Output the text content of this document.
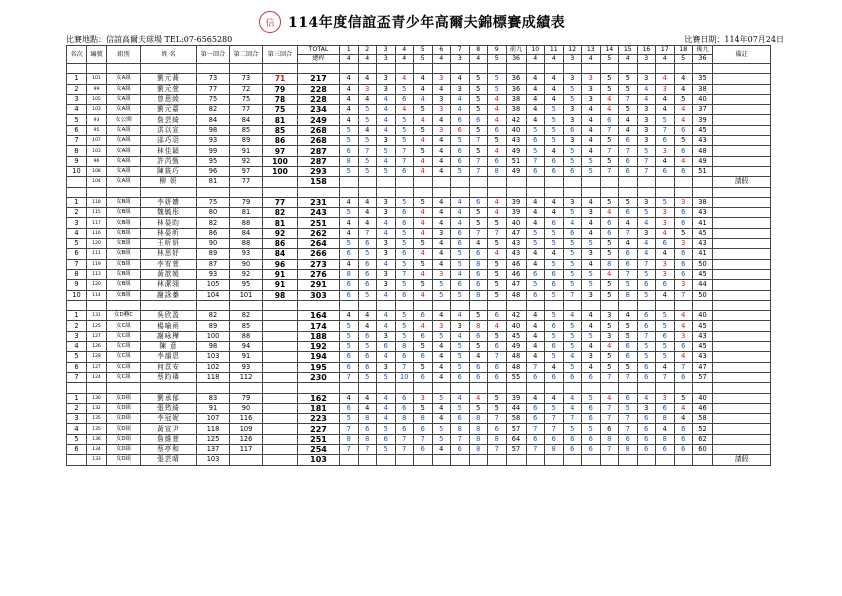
信 114年度信誼盃青少年高爾夫錦標賽成績表
比賽地點：信誼高爾夫球場 TEL:07-6565280	比賽日期：114年07月24日
名次	編號	組別	姓 名	第一回合	第二回合	第三回合	TOTAL	1	2	3	4	5	6	7	8	9	前九	10	11	12	13	14	15	16	17	18	後九	備註
							總桿	4	4	3	4	5	4	3	4	5	36	4	4	3	4	5	4	3	4	5	36	

1	101	女A組	劉元蕎	73	73	71	217	4	4	3	4	4	3	4	5	5	36	4	4	3	3	5	5	3	4	4	35	
2	99	女A組	劉元萱	77	72	79	228	4	3	3	5	4	4	3	5	5	36	4	4	5	3	5	5	4	3	4	38	
3	105	女A組	曾思綾	75	75	78	228	4	4	4	6	4	3	4	5	4	38	4	4	5	3	4	7	4	4	5	40	
4	103	女A組	劉元薹	82	77	75	234	4	5	4	4	5	3	4	5	4	38	4	5	3	4	4	5	3	4	4	37	
5	93	女公開	詹芸綺	84	84	81	249	4	5	4	5	4	4	6	6	4	42	4	5	3	4	6	4	3	5	4	39	
6	95	女A組	洪以宣	98	85	85	268	5	4	4	5	5	3	6	5	6	40	5	5	6	4	7	4	3	7	6	45	
7	107	女A組	邵巧羽	93	89	86	268	5	5	3	5	4	4	5	7	5	43	6	5	3	4	5	6	3	6	5	43	
8	103	女A組	林佳穎	99	91	97	287	6	7	5	7	5	4	6	5	4	49	5	4	5	4	7	7	5	3	6	48	
9	96	女A組	許芮甄	95	92	100	287	8	5	4	7	4	4	6	7	6	51	7	6	5	5	5	6	7	4	4	49	
10	108	女A組	陳筱巧	96	97	100	293	5	5	5	6	4	4	5	7	8	49	6	6	6	5	7	6	7	6	6	51	
	104	女A組	柳 妍	81	77		158																					請假

1	118	女B組	李妍嬙	75	79	77	231	4	4	3	5	5	4	4	6	4	39	4	4	3	4	5	5	3	5	3	38	
2	115	女B組	魏毓彤	80	81	82	243	5	4	3	6	4	4	4	5	4	39	4	4	5	3	4	6	5	3	6	43	
3	117	女B組	林晏昀	82	88	81	251	4	4	4	6	4	4	4	5	5	40	4	6	4	4	6	4	4	3	6	41	
4	116	女B組	林晏昕	86	84	92	262	4	7	4	5	4	3	6	7	7	47	5	5	6	4	6	7	3	4	5	45	
5	120	女B組	王昕妍	90	88	86	264	5	6	3	5	5	4	6	4	5	43	5	5	5	5	5	4	4	6	3	43	
6	111	女B組	林思妤	89	93	84	266	6	5	3	6	4	4	5	6	4	43	4	4	5	3	5	6	4	4	6	41	
7	119	女B組	李宥萱	87	90	96	273	4	6	4	5	5	4	5	8	5	46	4	5	5	4	8	6	7	3	6	50	
8	113	女B組	黃歆媛	93	92	91	276	8	6	3	7	4	3	4	6	5	46	6	6	5	5	4	7	5	3	6	45	
9	120	女B組	林潔翎	105	95	91	291	6	6	3	5	5	5	6	6	5	47	5	6	5	5	5	5	6	6	3	44	
10	114	女B組	謝詠蓁	104	101	98	303	6	5	4	6	4	5	5	8	5	48	6	5	7	3	5	8	5	4	7	50	

1	131	女D轉C	吳欣盈	82	82		164	4	4	4	5	6	4	4	5	6	42	4	5	4	4	3	4	6	5	4	40	
2	125	女C組	楊喻函	89	85		174	5	4	4	5	4	3	3	8	4	40	4	6	5	4	5	5	6	5	4	45	
3	127	女C組	謝咏樺	100	88		188	5	6	3	5	6	5	4	6	5	45	4	5	5	5	3	5	7	6	3	43	
4	126	女C組	陳 意	98	94		192	5	5	6	8	5	4	5	5	6	49	4	6	5	4	4	6	5	5	6	45	
5	128	女C組	李韻恩	103	91		194	6	6	4	6	6	4	5	4	7	48	4	5	4	3	5	6	5	5	4	43	
6	127	女C組	何苡安	102	93		195	6	6	3	7	5	4	5	6	6	48	7	4	5	4	5	5	6	4	7	47	
7	124	女C組	蔡昀璘	118	112		230	7	5	5	10	6	4	6	6	6	55	6	6	6	6	7	7	6	7	6	57	

1	130	女D組	劉承郁	83	79		162	4	4	4	6	3	5	4	4	5	39	4	4	4	5	4	6	4	3	5	40	
2	132	女D組	張筠綺	91	90		181	6	4	4	6	5	4	5	5	5	44	6	5	4	6	7	5	3	6	4	46	
3	135	女D組	李冠妮	107	116		223	5	8	4	8	8	4	6	8	7	58	6	7	7	6	7	7	6	8	4	58	
4	135	女D組	黃宣尹	118	109		227	7	6	5	6	6	5	8	8	6	57	7	7	5	5	6	7	6	4	6	52	
5	136	女D組	詹維萱	125	126		251	8	8	6	7	7	5	7	8	8	64	6	6	6	6	8	6	6	8	6	62	
6	134	女D組	蔡亭和	137	117		254	7	7	5	7	6	4	6	8	7	57	7	8	6	6	7	8	6	6	6	60	
	133	女D組	張芸晴	103			103																					請假
